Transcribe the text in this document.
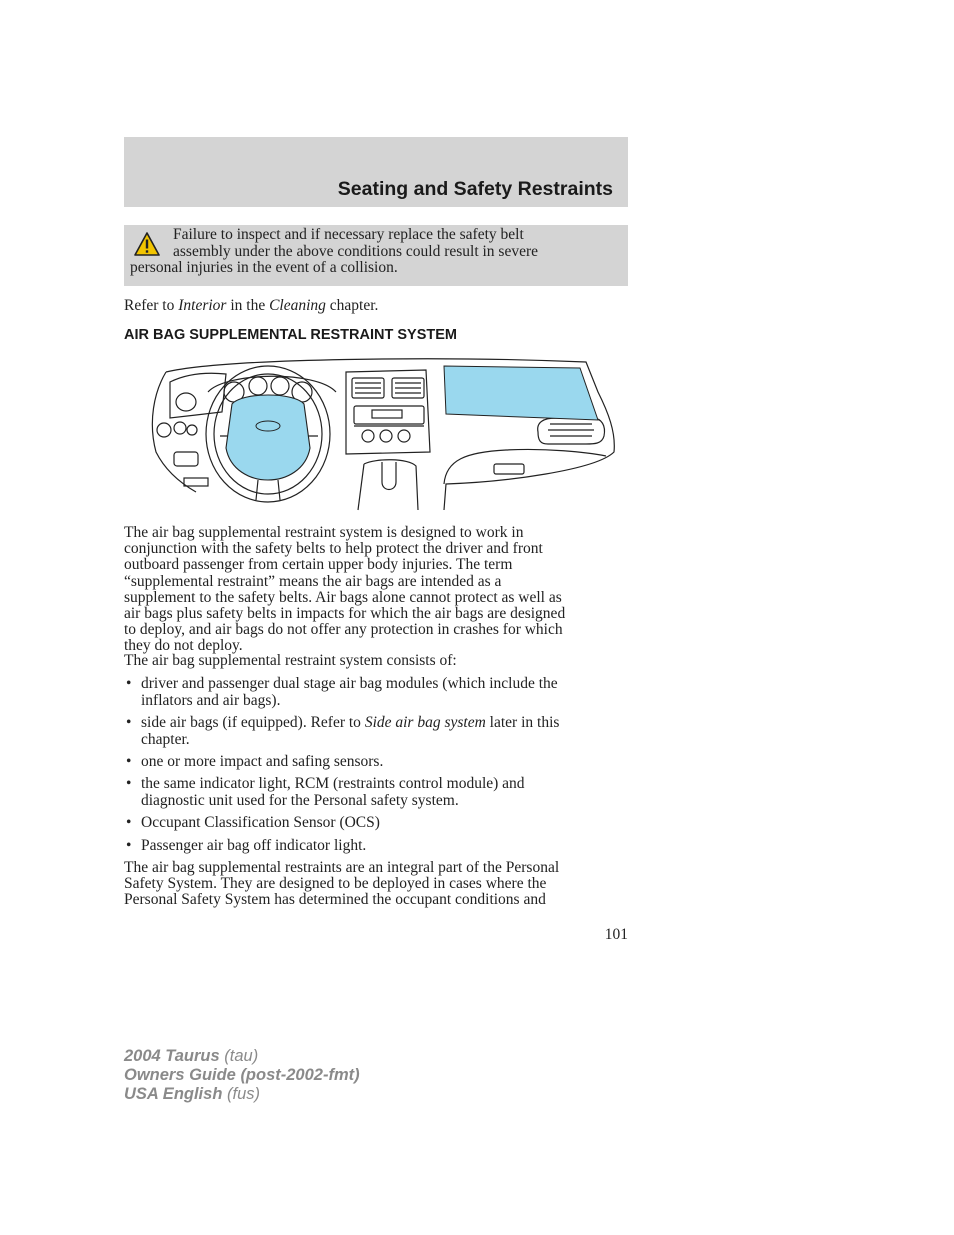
Seating and Safety Restraints
Failure to inspect and if necessary replace the safety belt
assembly under the above conditions could result in severe
personal injuries in the event of a collision.
Refer to Interior in the Cleaning chapter.
AIR BAG SUPPLEMENTAL RESTRAINT SYSTEM
The air bag supplemental restraint system is designed to work in
conjunction with the safety belts to help protect the driver and front
outboard passenger from certain upper body injuries. The term
“supplemental restraint” means the air bags are intended as a
supplement to the safety belts. Air bags alone cannot protect as well as
air bags plus safety belts in impacts for which the air bags are designed
to deploy, and air bags do not offer any protection in crashes for which
they do not deploy.
The air bag supplemental restraint system consists of:
• driver and passenger dual stage air bag modules (which include the
inflators and air bags).
• side air bags (if equipped). Refer to Side air bag system later in this
chapter.
• one or more impact and safing sensors.
• the same indicator light, RCM (restraints control module) and
diagnostic unit used for the Personal safety system.
• Occupant Classification Sensor (OCS)
• Passenger air bag off indicator light.
The air bag supplemental restraints are an integral part of the Personal
Safety System. They are designed to be deployed in cases where the
Personal Safety System has determined the occupant conditions and
101
2004 Taurus (tau)
Owners Guide (post-2002-fmt)
USA English (fus)
